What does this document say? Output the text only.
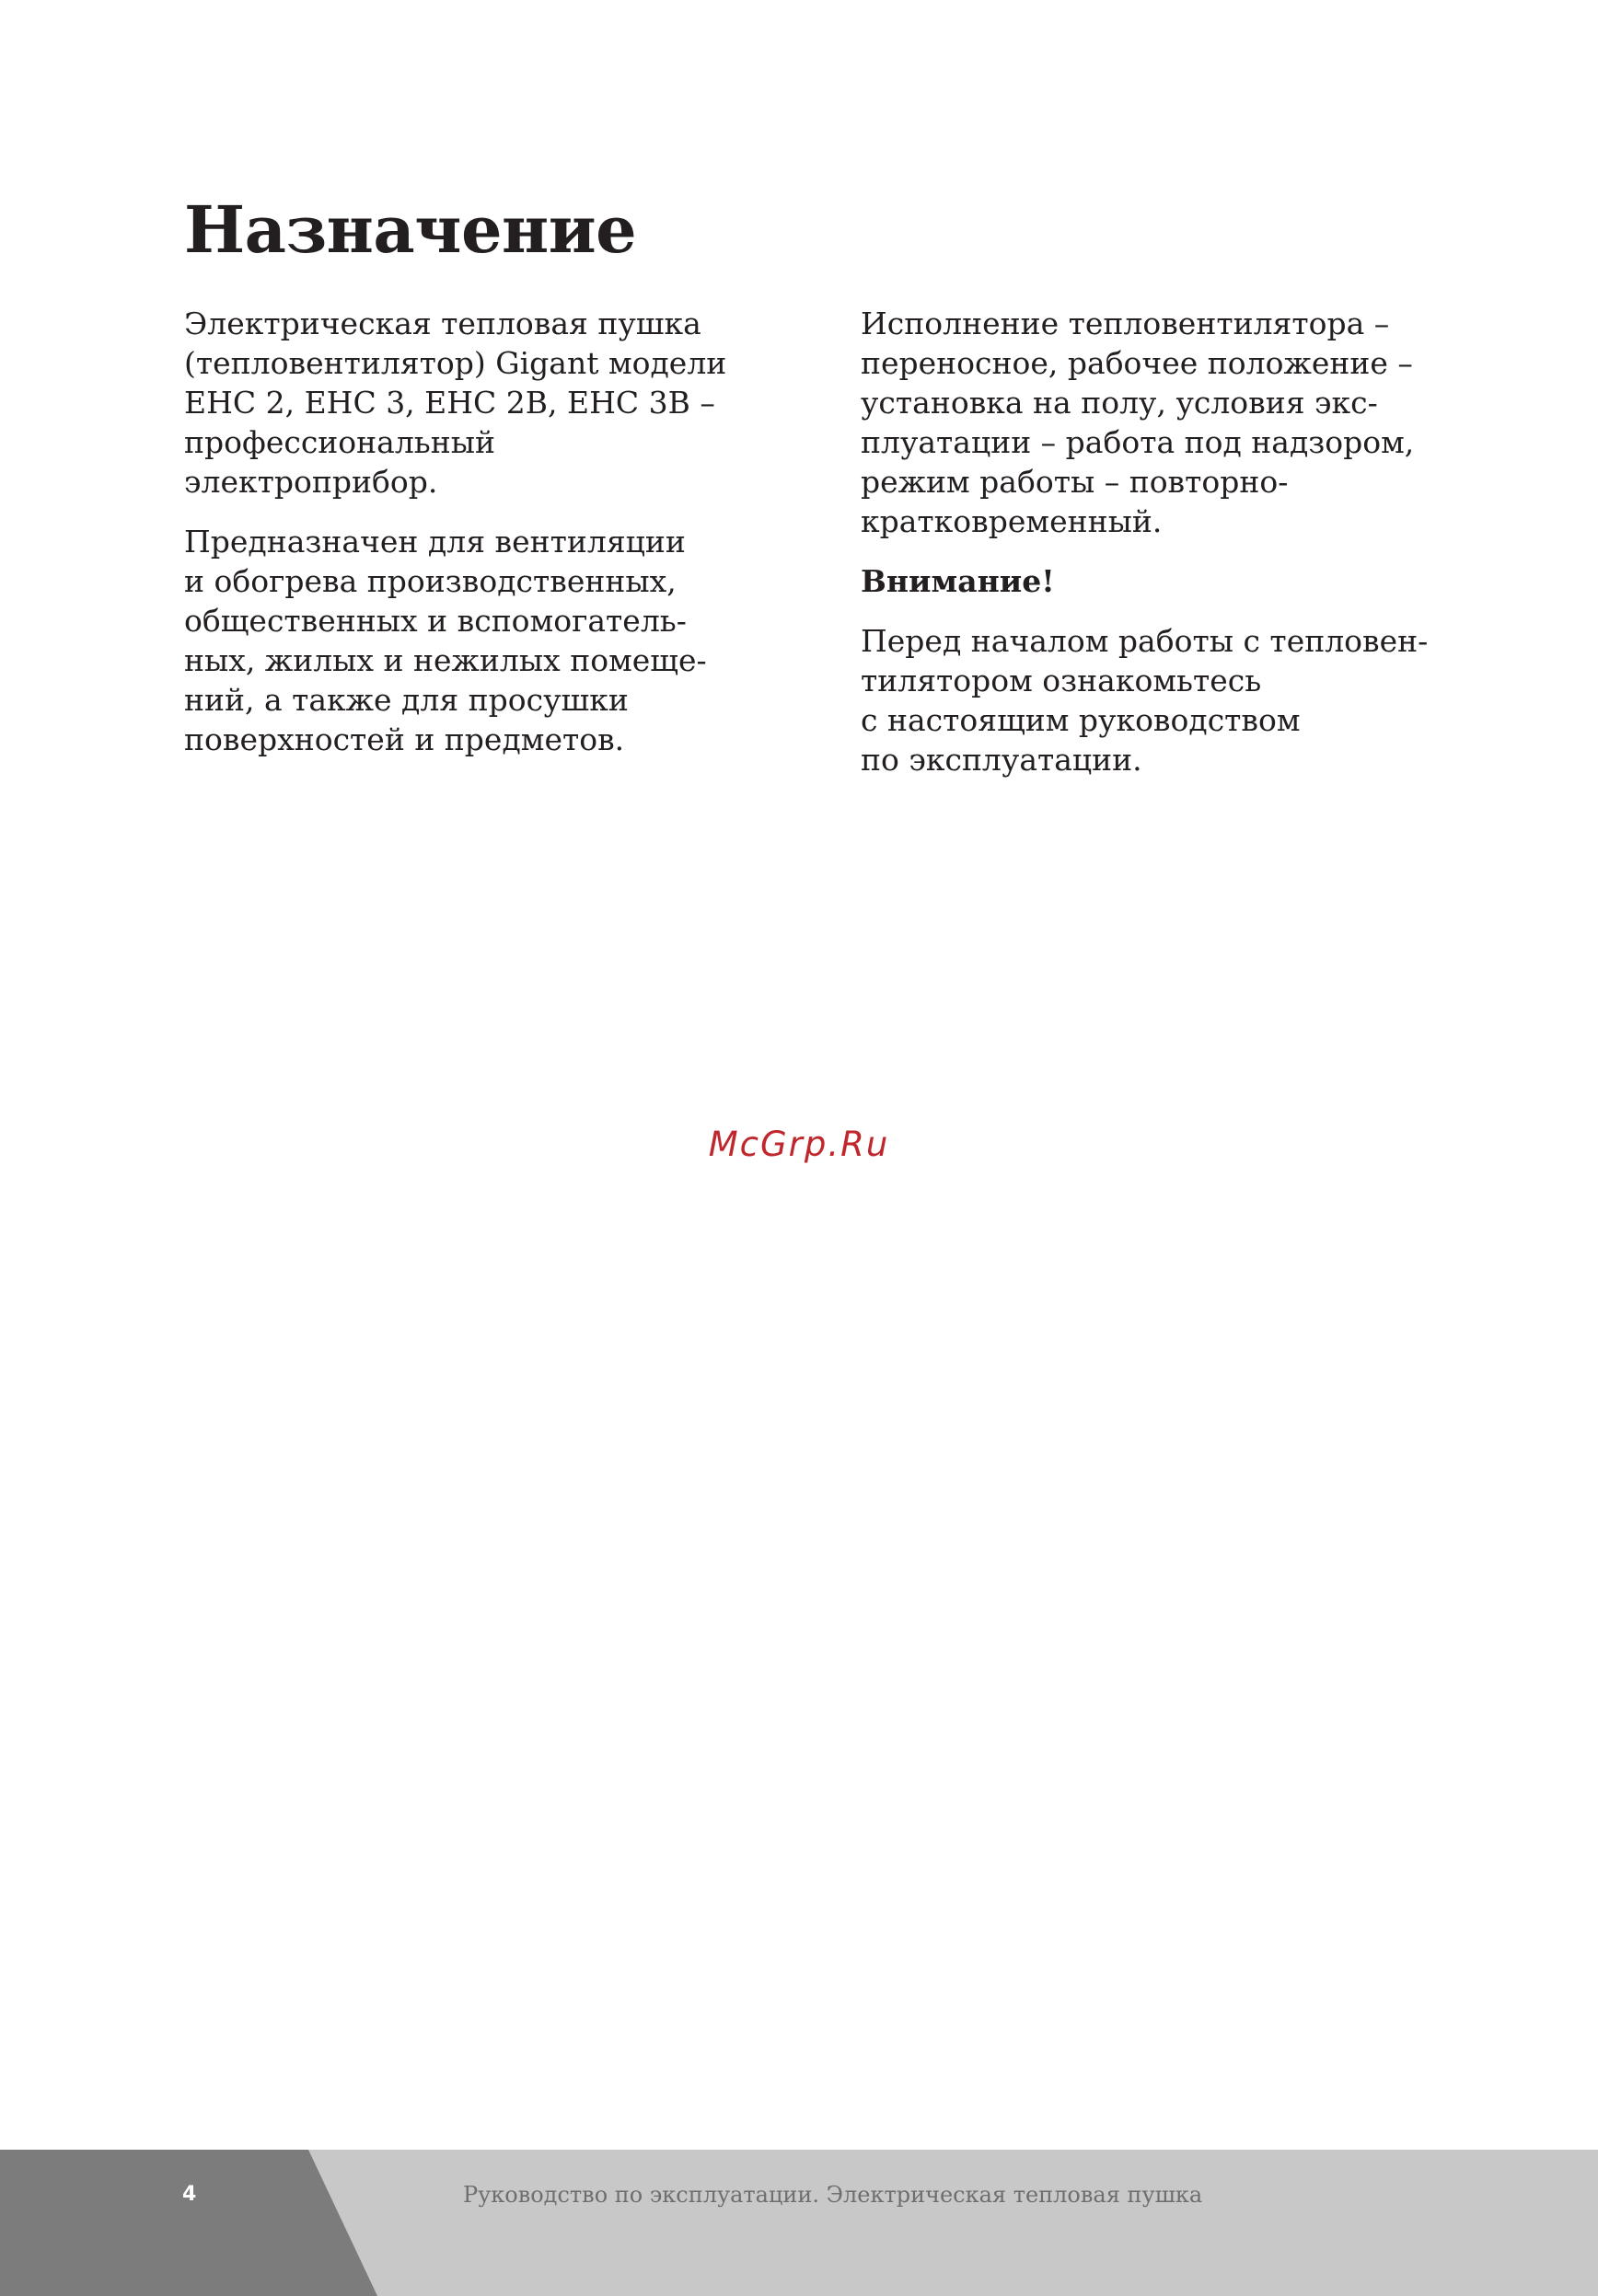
Назначение

Электрическая тепловая пушка
(тепловентилятор) Gigant модели
EHC 2, EHC 3, EHC 2B, EHC 3B –
профессиональный
электроприбор.

Предназначен для вентиляции
и обогрева производственных,
общественных и вспомогатель-
ных, жилых и нежилых помеще-
ний, а также для просушки
поверхностей и предметов.

Исполнение тепловентилятора –
переносное, рабочее положение –
установка на полу, условия экс-
плуатации – работа под надзором,
режим работы – повторно-
кратковременный.

Внимание!

Перед началом работы с тепловен-
тилятором ознакомьтесь
с настоящим руководством
по эксплуатации.

McGrp.Ru
4	Руководство по эксплуатации. Электрическая тепловая пушка
